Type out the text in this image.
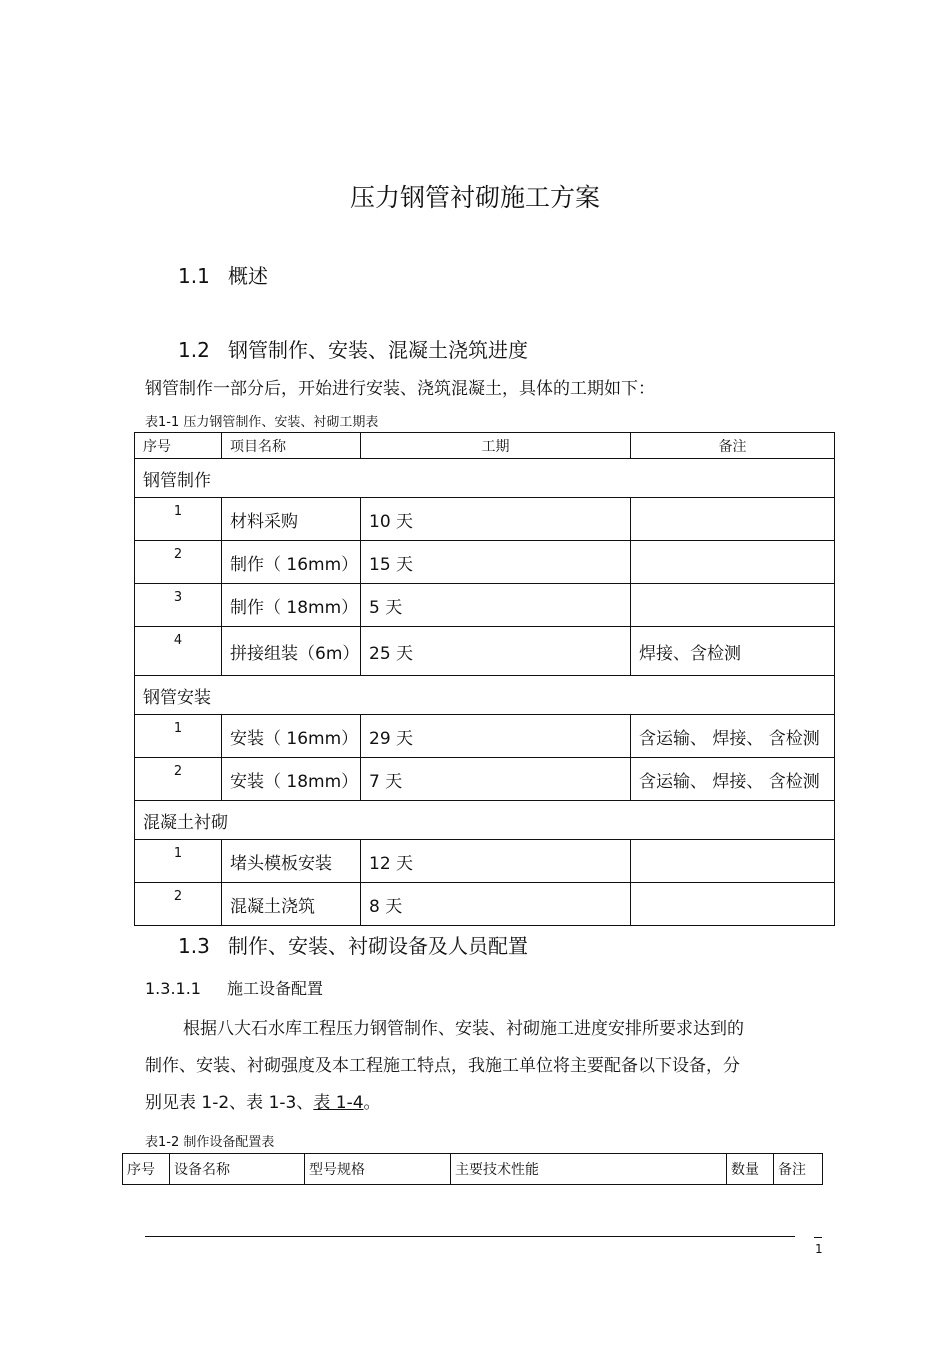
压力钢管衬砌施工方案
1.1 概述
1.2 钢管制作、安装、混凝土浇筑进度
钢管制作一部分后，开始进行安装、浇筑混凝土，具体的工期如下：
表1-1 压力钢管制作、安装、衬砌工期表
序号	项目名称	工期	备注
钢管制作			
1	材料采购	10 天	
2	制作（ 16mm）	15 天	
3	制作（ 18mm）	5 天	
4	拼接组装（6m）	25 天	焊接、含检测
钢管安装			
1	安装（ 16mm）	29 天	含运输、 焊接、 含检测
2	安装（ 18mm）	7 天	含运输、 焊接、 含检测
混凝土衬砌			
1	堵头模板安装	12 天	
2	混凝土浇筑	8 天	
1.3 制作、安装、衬砌设备及人员配置
1.3.1.1 施工设备配置
根据八大石水库工程压力钢管制作、安装、衬砌施工进度安排所要求达到的
制作、安装、衬砌强度及本工程施工特点，我施工单位将主要配备以下设备，分
别见表 1-2、表 1-3、表 1-4。
表1-2 制作设备配置表
序号	设备名称	型号规格	主要技术性能	数量	备注
1
